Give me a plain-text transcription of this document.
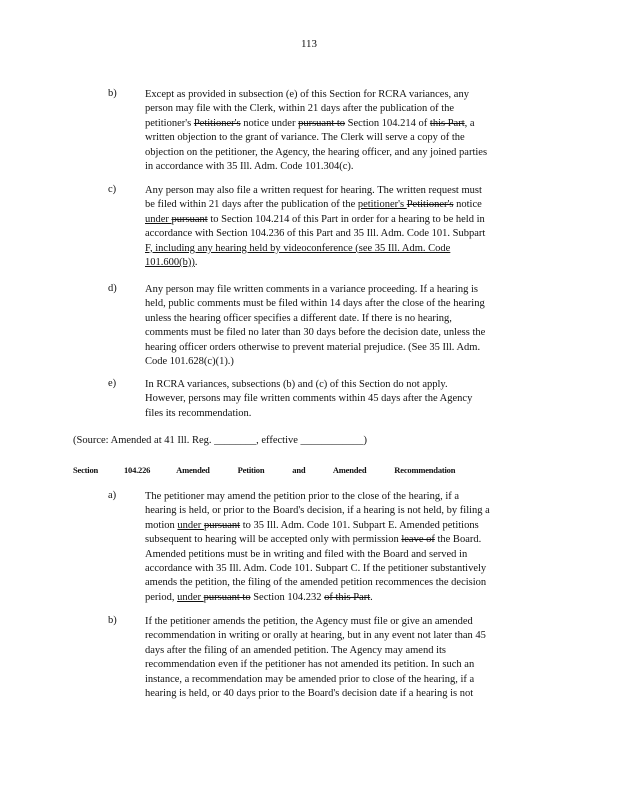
113
b)	Except as provided in subsection (e) of this Section for RCRA variances, any
person may file with the Clerk, within 21 days after the publication of the
petitioner's Petitioner's notice under pursuant to Section 104.214 of this Part, a
written objection to the grant of variance. The Clerk will serve a copy of the
objection on the petitioner, the Agency, the hearing officer, and any joined parties
in accordance with 35 Ill. Adm. Code 101.304(c).
c)	Any person may also file a written request for hearing. The written request must
be filed within 21 days after the publication of the petitioner's Petitioner's notice
under pursuant to Section 104.214 of this Part in order for a hearing to be held in
accordance with Section 104.236 of this Part and 35 Ill. Adm. Code 101. Subpart
F, including any hearing held by videoconference (see 35 Ill. Adm. Code
101.600(b)).
d)	Any person may file written comments in a variance proceeding. If a hearing is
held, public comments must be filed within 14 days after the close of the hearing
unless the hearing officer specifies a different date. If there is no hearing,
comments must be filed no later than 30 days before the decision date, unless the
hearing officer orders otherwise to prevent material prejudice. (See 35 Ill. Adm.
Code 101.628(c)(1).)
e)	In RCRA variances, subsections (b) and (c) of this Section do not apply.
However, persons may file written comments within 45 days after the Agency
files its recommendation.
(Source: Amended at 41 Ill. Reg. ________, effective ____________)
Section	104.226	Amended Petition and Amended Recommendation
a)	The petitioner may amend the petition prior to the close of the hearing, if a
hearing is held, or prior to the Board's decision, if a hearing is not held, by filing a
motion under pursuant to 35 Ill. Adm. Code 101. Subpart E. Amended petitions
subsequent to hearing will be accepted only with permission leave of the Board.
Amended petitions must be in writing and filed with the Board and served in
accordance with 35 Ill. Adm. Code 101. Subpart C. If the petitioner substantively
amends the petition, the filing of the amended petition recommences the decision
period, under pursuant to Section 104.232 of this Part.
b)	If the petitioner amends the petition, the Agency must file or give an amended
recommendation in writing or orally at hearing, but in any event not later than 45
days after the filing of an amended petition. The Agency may amend its
recommendation even if the petitioner has not amended its petition. In such an
instance, a recommendation may be amended prior to close of the hearing, if a
hearing is held, or 40 days prior to the Board's decision date if a hearing is not
